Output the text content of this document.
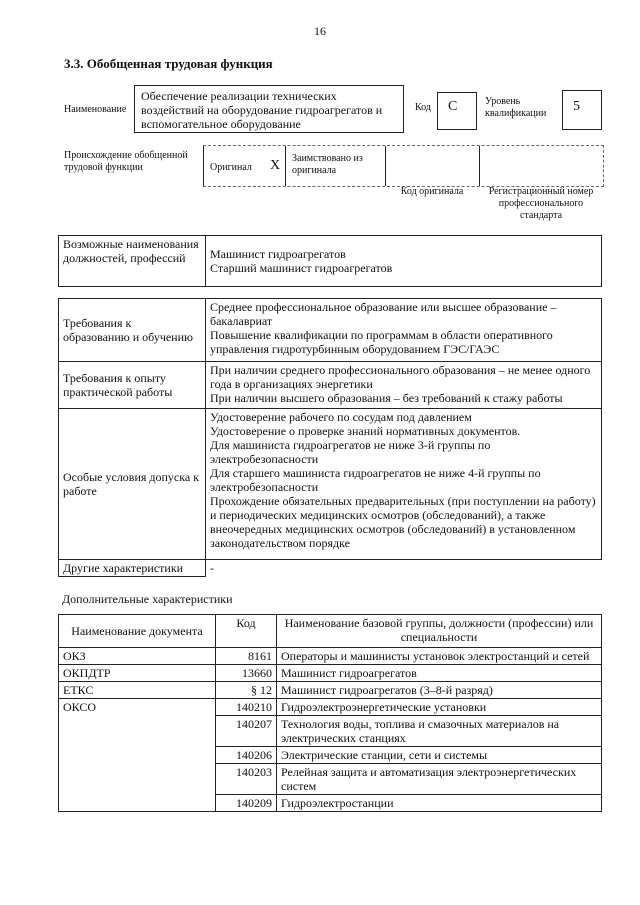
16
3.3. Обобщенная трудовая функция
Наименование
Обеспечение реализации технических воздействий на оборудование гидроагрегатов и вспомогательное оборудование
Код	C	Уровень квалификации	5
Происхождение обобщенной трудовой функции	Оригинал X Заимствовано из оригинала
Код оригинала	Регистрационный номер профессионального стандарта
Возможные наименования должностей, профессий	Машинист гидроагрегатов
Старший машинист гидроагрегатов
Требования к образованию и обучению	Среднее профессиональное образование или высшее образование – бакалавриат
Повышение квалификации по программам в области оперативного управления гидротурбинным оборудованием ГЭС/ГАЭС

Требования к опыту практической работы	При наличии среднего профессионального образования – не менее одного года в организациях энергетики
При наличии высшего образования – без требований к стажу работы

Особые условия допуска к работе	Удостоверение рабочего по сосудам под давлением
Удостоверение о проверке знаний нормативных документов.
Для машиниста гидроагрегатов не ниже 3-й группы по электробезопасности
Для старшего машиниста гидроагрегатов не ниже 4-й группы по электробезопасности
Прохождение обязательных предварительных (при поступлении на работу) и периодических медицинских осмотров (обследований), а также внеочередных медицинских осмотров (обследований) в установленном законодательством порядке

Другие характеристики	-
Дополнительные характеристики
Наименование документа	Код	Наименование базовой группы, должности (профессии) или специальности
ОКЗ	8161	Операторы и машинисты установок электростанций и сетей
ОКПДТР	13660	Машинист гидроагрегатов
ЕТКС	§ 12	Машинист гидроагрегатов (3–8-й разряд)
ОКСО	140210	Гидроэлектроэнергетические установки
	140207	Технология воды, топлива и смазочных материалов на электрических станциях
	140206	Электрические станции, сети и системы
	140203	Релейная защита и автоматизация электроэнергетических систем
	140209	Гидроэлектростанции
